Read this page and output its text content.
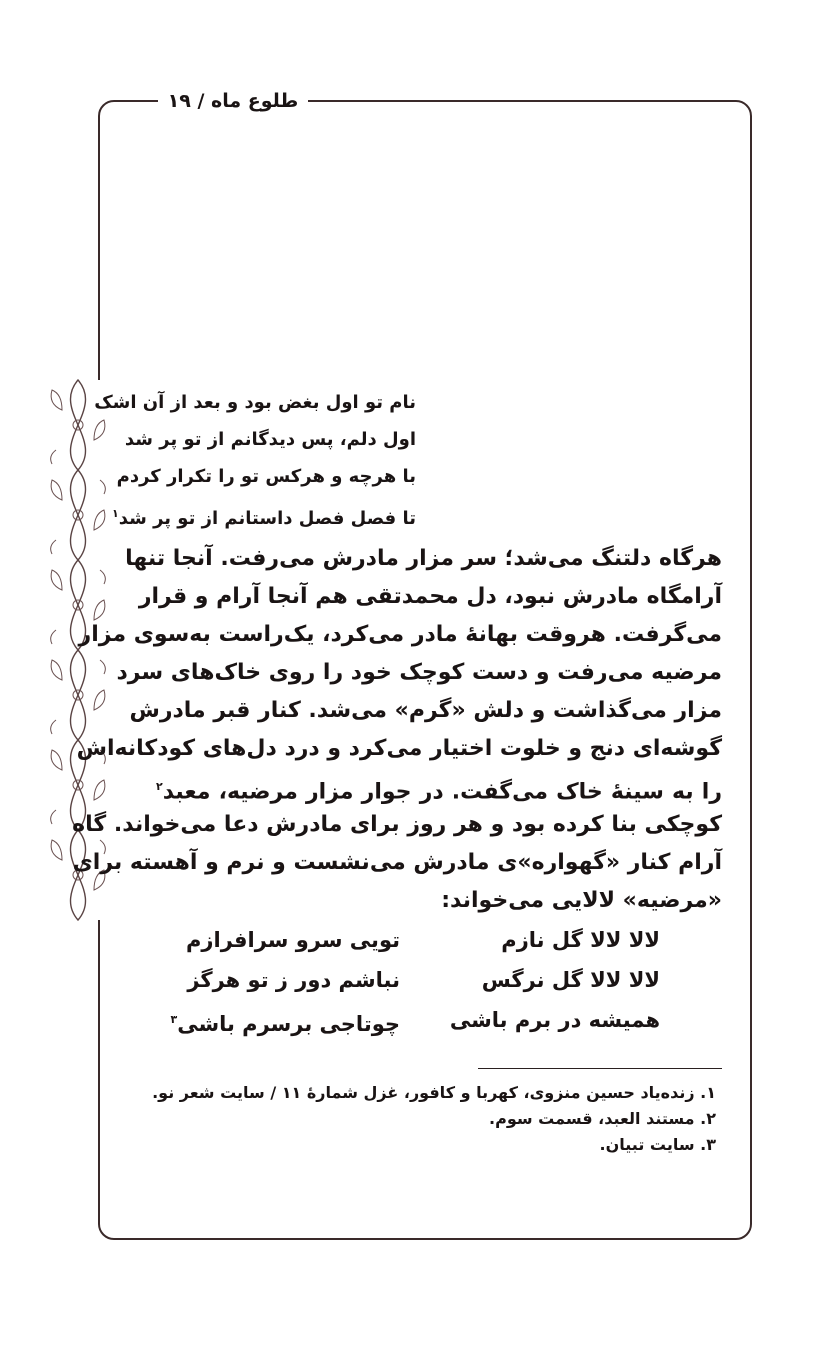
طلوع ماه / ۱۹
نام تو اول بغض بود و بعد از آن اشک
اول دلم، پس دیدگانم از تو پر شد
با هرچه و هرکس تو را تکرار کردم
تا فصل فصل داستانم از تو پر شد$^۱$
هرگاه دلتنگ می‌شد؛ سر مزار مادرش می‌رفت. آنجا تنها
آرامگاه مادرش نبود، دل محمدتقی هم آنجا آرام و قرار
می‌گرفت. هروقت بهانهٔ مادر می‌کرد، یک‌راست به‌سوی مزار
مرضیه می‌رفت و دست کوچک خود را روی خاک‌های سرد
مزار می‌گذاشت و دلش «گرم» می‌شد. کنار قبر مادرش
گوشه‌ای دنج و خلوت اختیار می‌کرد و درد دل‌های کودکانه‌اش
را به سینهٔ خاک می‌گفت. در جوار مزار مرضیه، معبد$^۲$
کوچکی بنا کرده بود و هر روز برای مادرش دعا می‌خواند. گاه
آرام کنار «گهواره»ی مادرش می‌نشست و نرم و آهسته برای
«مرضیه» لالایی می‌خواند:
لالا لالا گل نازم
تویی سرو سرافرازم
لالا لالا گل نرگس
نباشم دور ز تو هرگز
همیشه در برم باشی
چوتاجی برسرم باشی$^۳$
۱. زنده‌یاد حسین منزوی، کهربا و کافور، غزل شمارهٔ ۱۱ / سایت شعر نو.
۲. مستند العبد، قسمت سوم.
۳. سایت تبیان.
